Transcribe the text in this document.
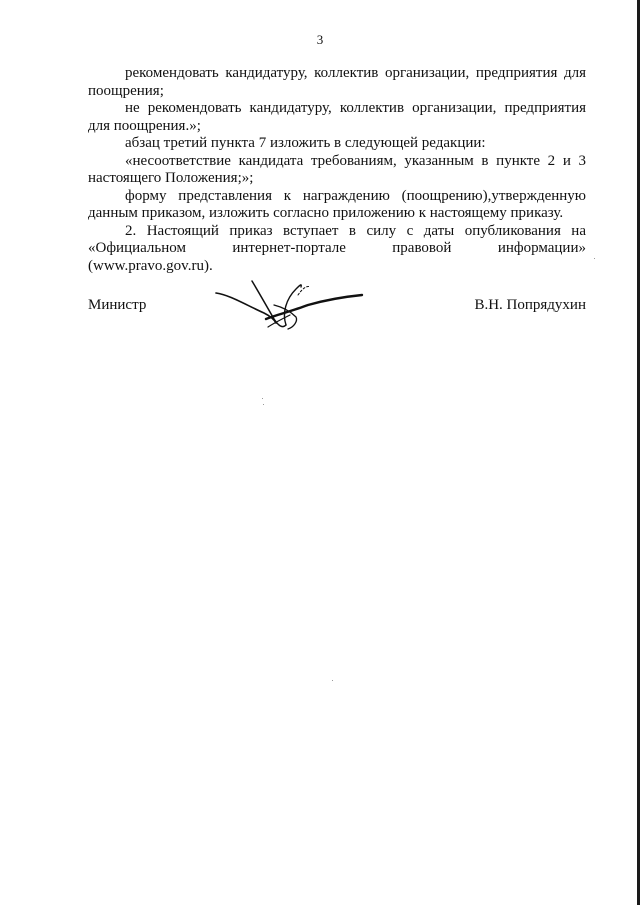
3

рекомендовать кандидатуру, коллектив организации, предприятия для поощрения;

не рекомендовать кандидатуру, коллектив организации, предприятия для поощрения.»;

абзац третий пункта 7 изложить в следующей редакции:

«несоответствие кандидата требованиям, указанным в пункте 2 и 3 настоящего Положения;»;

форму представления к награждению (поощрению),утвержденную данным приказом, изложить согласно приложению к настоящему приказу.

2. Настоящий приказ вступает в силу с даты опубликования на «Официальном интернет-портале правовой информации» (www.pravo.gov.ru).

Министр	В.Н. Попрядухин
